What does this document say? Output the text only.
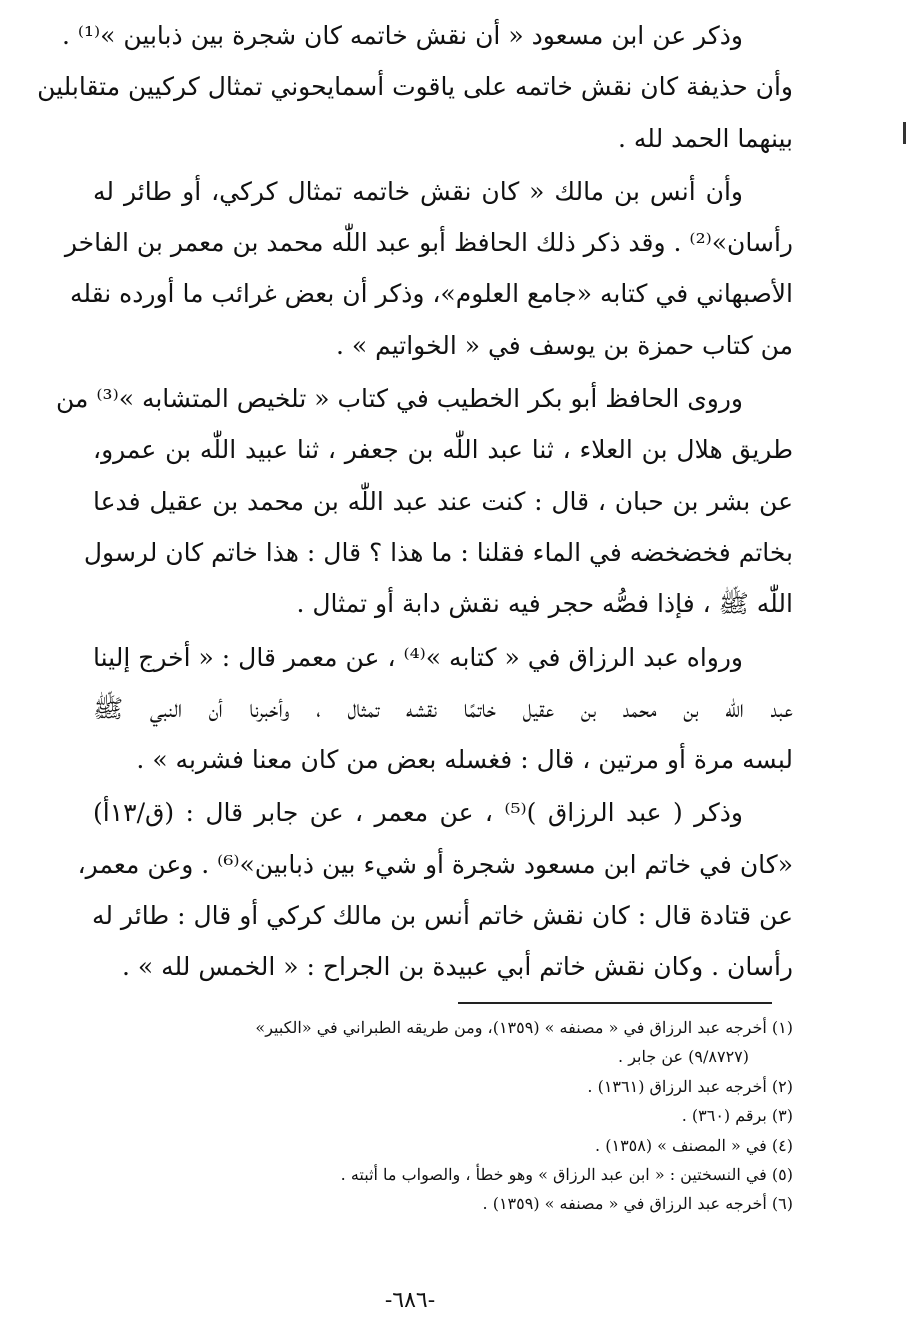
وذكر عن ابن مسعود « أن نقش خاتمه كان شجرة بين ذبابين »⁽¹⁾ .
وأن حذيفة كان نقش خاتمه على ياقوت أسمايحوني تمثال كركيين متقابلين
بينهما الحمد لله .

وأن أنس بن مالك « كان نقش خاتمه تمثال كركي، أو طائر له
رأسان»⁽²⁾ . وقد ذكر ذلك الحافظ أبو عبد اللّٰه محمد بن معمر بن الفاخر
الأصبهاني في كتابه «جامع العلوم»، وذكر أن بعض غرائب ما أورده نقله
من كتاب حمزة بن يوسف في « الخواتيم » .

وروى الحافظ أبو بكر الخطيب في كتاب « تلخيص المتشابه »⁽³⁾ من
طريق هلال بن العلاء ، ثنا عبد اللّٰه بن جعفر ، ثنا عبيد اللّٰه بن عمرو،
عن بشر بن حبان ، قال : كنت عند عبد اللّٰه بن محمد بن عقيل فدعا
بخاتم فخضخضه في الماء فقلنا : ما هذا ؟ قال : هذا خاتم كان لرسول
اللّٰه ﷺ ، فإذا فصُّه حجر فيه نقش دابة أو تمثال .

ورواه عبد الرزاق في « كتابه »⁽⁴⁾ ، عن معمر قال : « أخرج إلينا
عبد اللّٰه بن محمد بن عقيل خاتمًا نقشه تمثال ، وأخبرنا أن النبي ﷺ
لبسه مرة أو مرتين ، قال : فغسله بعض من كان معنا فشربه » .

وذكر ( عبد الرزاق )⁽⁵⁾ ، عن معمر ، عن جابر قال : (ق/١٣أ)
«كان في خاتم ابن مسعود شجرة أو شيء بين ذبابين»⁽⁶⁾ . وعن معمر،
عن قتادة قال : كان نقش خاتم أنس بن مالك كركي أو قال : طائر له
رأسان . وكان نقش خاتم أبي عبيدة بن الجراح : « الخمس لله » .

(١) أخرجه عبد الرزاق في « مصنفه » (١٣٥٩)، ومن طريقه الطبراني في «الكبير»
(٩/٨٧٢٧) عن جابر .
(٢) أخرجه عبد الرزاق (١٣٦١) .
(٣) برقم (٣٦٠) .
(٤) في « المصنف » (١٣٥٨) .
(٥) في النسختين : « ابن عبد الرزاق » وهو خطأ ، والصواب ما أثبته .
(٦) أخرجه عبد الرزاق في « مصنفه » (١٣٥٩) .
-٦٨٦-
